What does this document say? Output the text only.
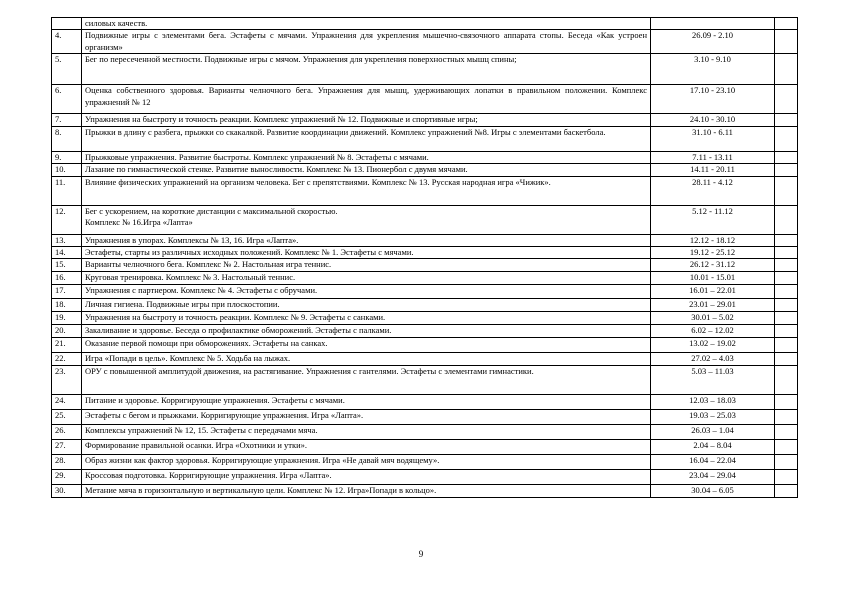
	силовых качеств.		

4.	Подвижные игры с элементами бега. Эстафеты с мячами. Упражнения для укрепления мышечно-связочного аппарата стопы. Беседа «Как устроен организм»	26.09 - 2.10	
5.	Бег по пересеченной местности. Подвижные игры с мячом. Упражнения для укрепления поверхностных мышц спины;	3.10 - 9.10	
6.	Оценка собственного здоровья. Варианты челночного бега. Упражнения для мышц, удерживающих лопатки в правильном положении. Комплекс упражнений № 12	17.10 - 23.10	
7.	Упражнения на быстроту и точность реакции. Комплекс упражнений № 12. Подвижные и спортивные игры;	24.10 - 30.10	
8.	Прыжки в длину с разбега, прыжки со скакалкой. Развитие координации движений. Комплекс упражнений №8. Игры с элементами баскетбола.	31.10 - 6.11	
9.	Прыжковые упражнения. Развитие быстроты. Комплекс упражнений № 8. Эстафеты с мячами.	7.11 - 13.11	
10.	Лазание по гимнастической стенке. Развитие выносливости. Комплекс № 13. Пионербол с двумя мячами.	14.11 - 20.11	
11.	Влияние физических упражнений на организм человека. Бег с препятствиями. Комплекс № 13. Русская народная игра «Чижик».	28.11 - 4.12	
12.	Бег с ускорением, на короткие дистанции с максимальной скоростью.
Комплекс № 16.Игра «Лапта»	5.12 - 11.12	
13.	Упражнения в упорах. Комплексы № 13, 16. Игра «Лапта».	12.12 - 18.12	
14.	Эстафеты, старты из различных исходных положений. Комплекс № 1. Эстафеты с мячами.	19.12 - 25.12	
15.	Варианты челночного бега. Комплекс № 2. Настольная игра теннис.	26.12 - 31.12	
16.	Круговая тренировка. Комплекс № 3. Настольный теннис.	10.01 - 15.01	
17.	Упражнения с партнером. Комплекс № 4. Эстафеты с обручами.	16.01 – 22.01	
18.	Личная гигиена. Подвижные игры при плоскостопии.	23.01 – 29.01	
19.	Упражнения на быстроту и точность реакции. Комплекс № 9. Эстафеты с санками.	30.01 – 5.02	
20.	Закаливание и здоровье. Беседа о профилактике обморожений. Эстафеты с палками.	6.02 – 12.02	
21.	Оказание первой помощи при обморожениях. Эстафеты на санках.	13.02 – 19.02	
22.	Игра «Попади в цель». Комплекс № 5. Ходьба на лыжах.	27.02 – 4.03	
23.	ОРУ с повышенной амплитудой движения, на растягивание. Упражнения с гантелями. Эстафеты с элементами гимнастики.	5.03 – 11.03	
24.	Питание и здоровье. Корригирующие упражнения. Эстафеты с мячами.	12.03 – 18.03	
25.	Эстафеты с бегом и прыжками. Корригирующие упражнения. Игра «Лапта».	19.03 – 25.03	
26.	Комплексы упражнений № 12, 15. Эстафеты с передачами мяча.	26.03 – 1.04	
27.	Формирование правильной осанки. Игра «Охотники и утки».	2.04 – 8.04	
28.	Образ жизни как фактор здоровья. Корригирующие упражнения. Игра «Не давай мяч водящему».	16.04 – 22.04	
29.	Кроссовая подготовка. Корригирующие упражнения. Игра «Лапта».	23.04 – 29.04	
30.	Метание мяча в горизонтальную и вертикальную цели. Комплекс № 12. Игра»Попади в кольцо».	30.04 – 6.05	
9
